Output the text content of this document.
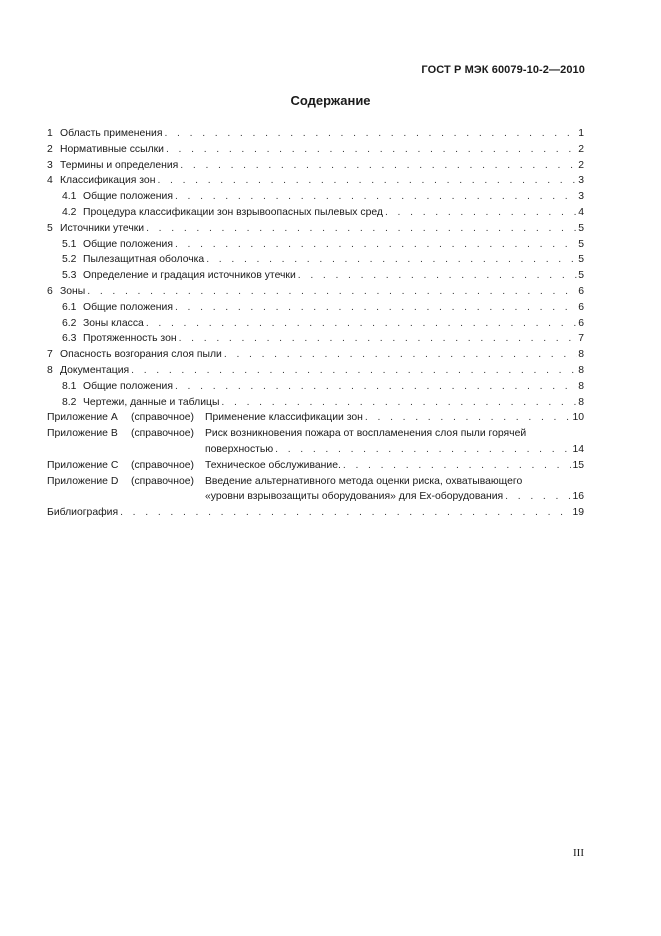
ГОСТ Р МЭК 60079-10-2—2010
Содержание
1 Область применения . . .	1
2 Нормативные ссылки . . .	2
3 Термины и определения . . .	2
4 Классификация зон . . .	3
4.1 Общие положения . . .	3
4.2 Процедура классификации зон взрывоопасных пылевых сред . . .	4
5 Источники утечки . . .	5
5.1 Общие положения . . .	5
5.2 Пылезащитная оболочка . . .	5
5.3 Определение и градация источников утечки . . .	5
6 Зоны . . .	6
6.1 Общие положения . . .	6
6.2 Зоны класса . . .	6
6.3 Протяженность зон . . .	7
7 Опасность возгорания слоя пыли . . .	8
8 Документация . . .	8
8.1 Общие положения . . .	8
8.2 Чертежи, данные и таблицы . . .	8
Приложение А	(справочное)	Применение классификации зон . . .	10
Приложение В	(справочное)	Риск возникновения пожара от воспламенения слоя пыли горячей
поверхностью . . .	14
Приложение С	(справочное)	Техническое обслуживание. . . .	15
Приложение D	(справочное)	Введение альтернативного метода оценки риска, охватывающего
«уровни взрывозащиты оборудования» для Ех-оборудования . . .	16
Библиография . . .	19
III
